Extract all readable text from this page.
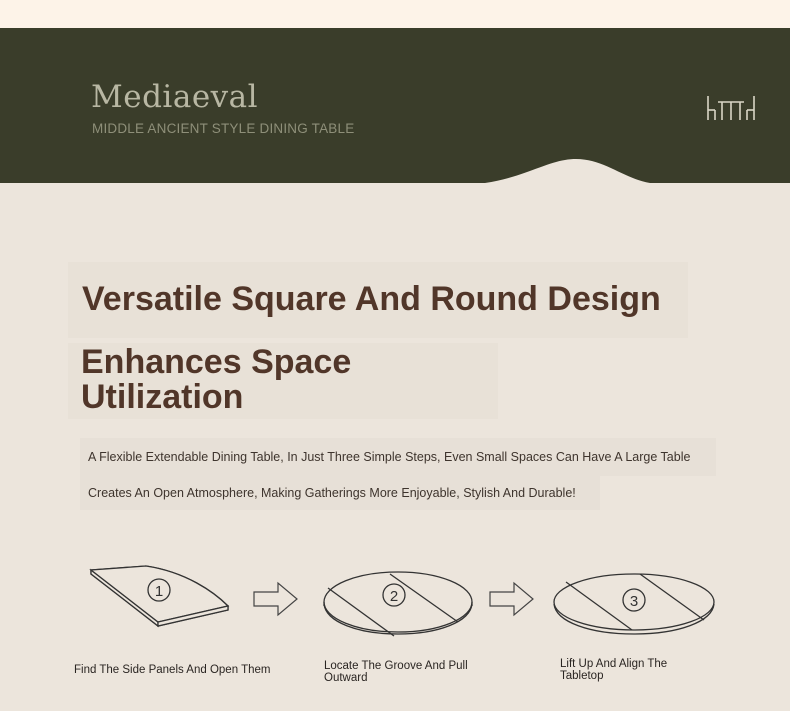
Mediaeval
MIDDLE ANCIENT STYLE DINING TABLE
Versatile Square And Round Design
Enhances Space
Utilization

A Flexible Extendable Dining Table, In Just Three Simple Steps, Even Small Spaces Can Have A Large Table

Creates An Open Atmosphere, Making Gatherings More Enjoyable, Stylish And Durable!

1	2	3

Find The Side Panels And Open Them	Locate The Groove And Pull Outward

Lift Up And Align The Tabletop
